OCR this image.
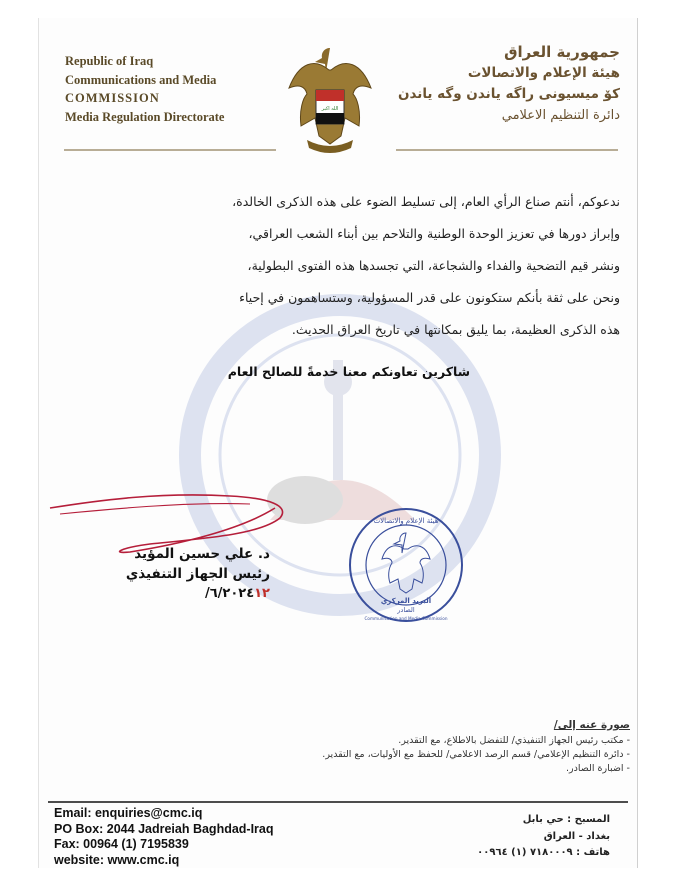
Republic of Iraq
Communications and Media
COMMISSION
Media Regulation Directorate
الله اكبر
جمهورية العراق
هيئة الإعلام والاتصالات
كۆ میسیونی راگه یاندن وگه یاندن
دائرة التنظيم الاعلامي

ندعوكم، أنتم صناع الرأي العام، إلى تسليط الضوء على هذه الذكرى الخالدة،

وإبراز دورها في تعزيز الوحدة الوطنية والتلاحم بين أبناء الشعب العراقي،

ونشر قيم التضحية والفداء والشجاعة، التي تجسدها هذه الفتوى البطولية،

ونحن على ثقة بأنكم ستكونون على قدر المسؤولية، وستساهمون في إحياء

هذه الذكرى العظيمة، بما يليق بمكانتها في تاريخ العراق الحديث.

شاكرين تعاونكم معنا خدمةً للصالح العام
د. علي حسين المؤيد
رئيس الجهاز التنفيذي
/٦/٢٠٢٤١٢
هيئة الإعلام والاتصالات
البريد المركزي
الصادر
Communication and Media Commission
صورة عنه إلى/
- مكتب رئيس الجهاز التنفيذي/ للتفضل بالاطلاع، مع التقدير.
- دائرة التنظيم الإعلامي/ قسم الرصد الاعلامي/ للحفظ مع الأوليات، مع التقدير.
- اضبارة الصادر.
Email: enquiries@cmc.iq
PO Box: 2044 Jadreiah Baghdad-Iraq
Fax: 00964 (1) 7195839
website: www.cmc.iq
المسبح : حي بابل
بغداد - العراق
هاتف : ٧١٨٠٠٠٩ (١) ٠٠٩٦٤
